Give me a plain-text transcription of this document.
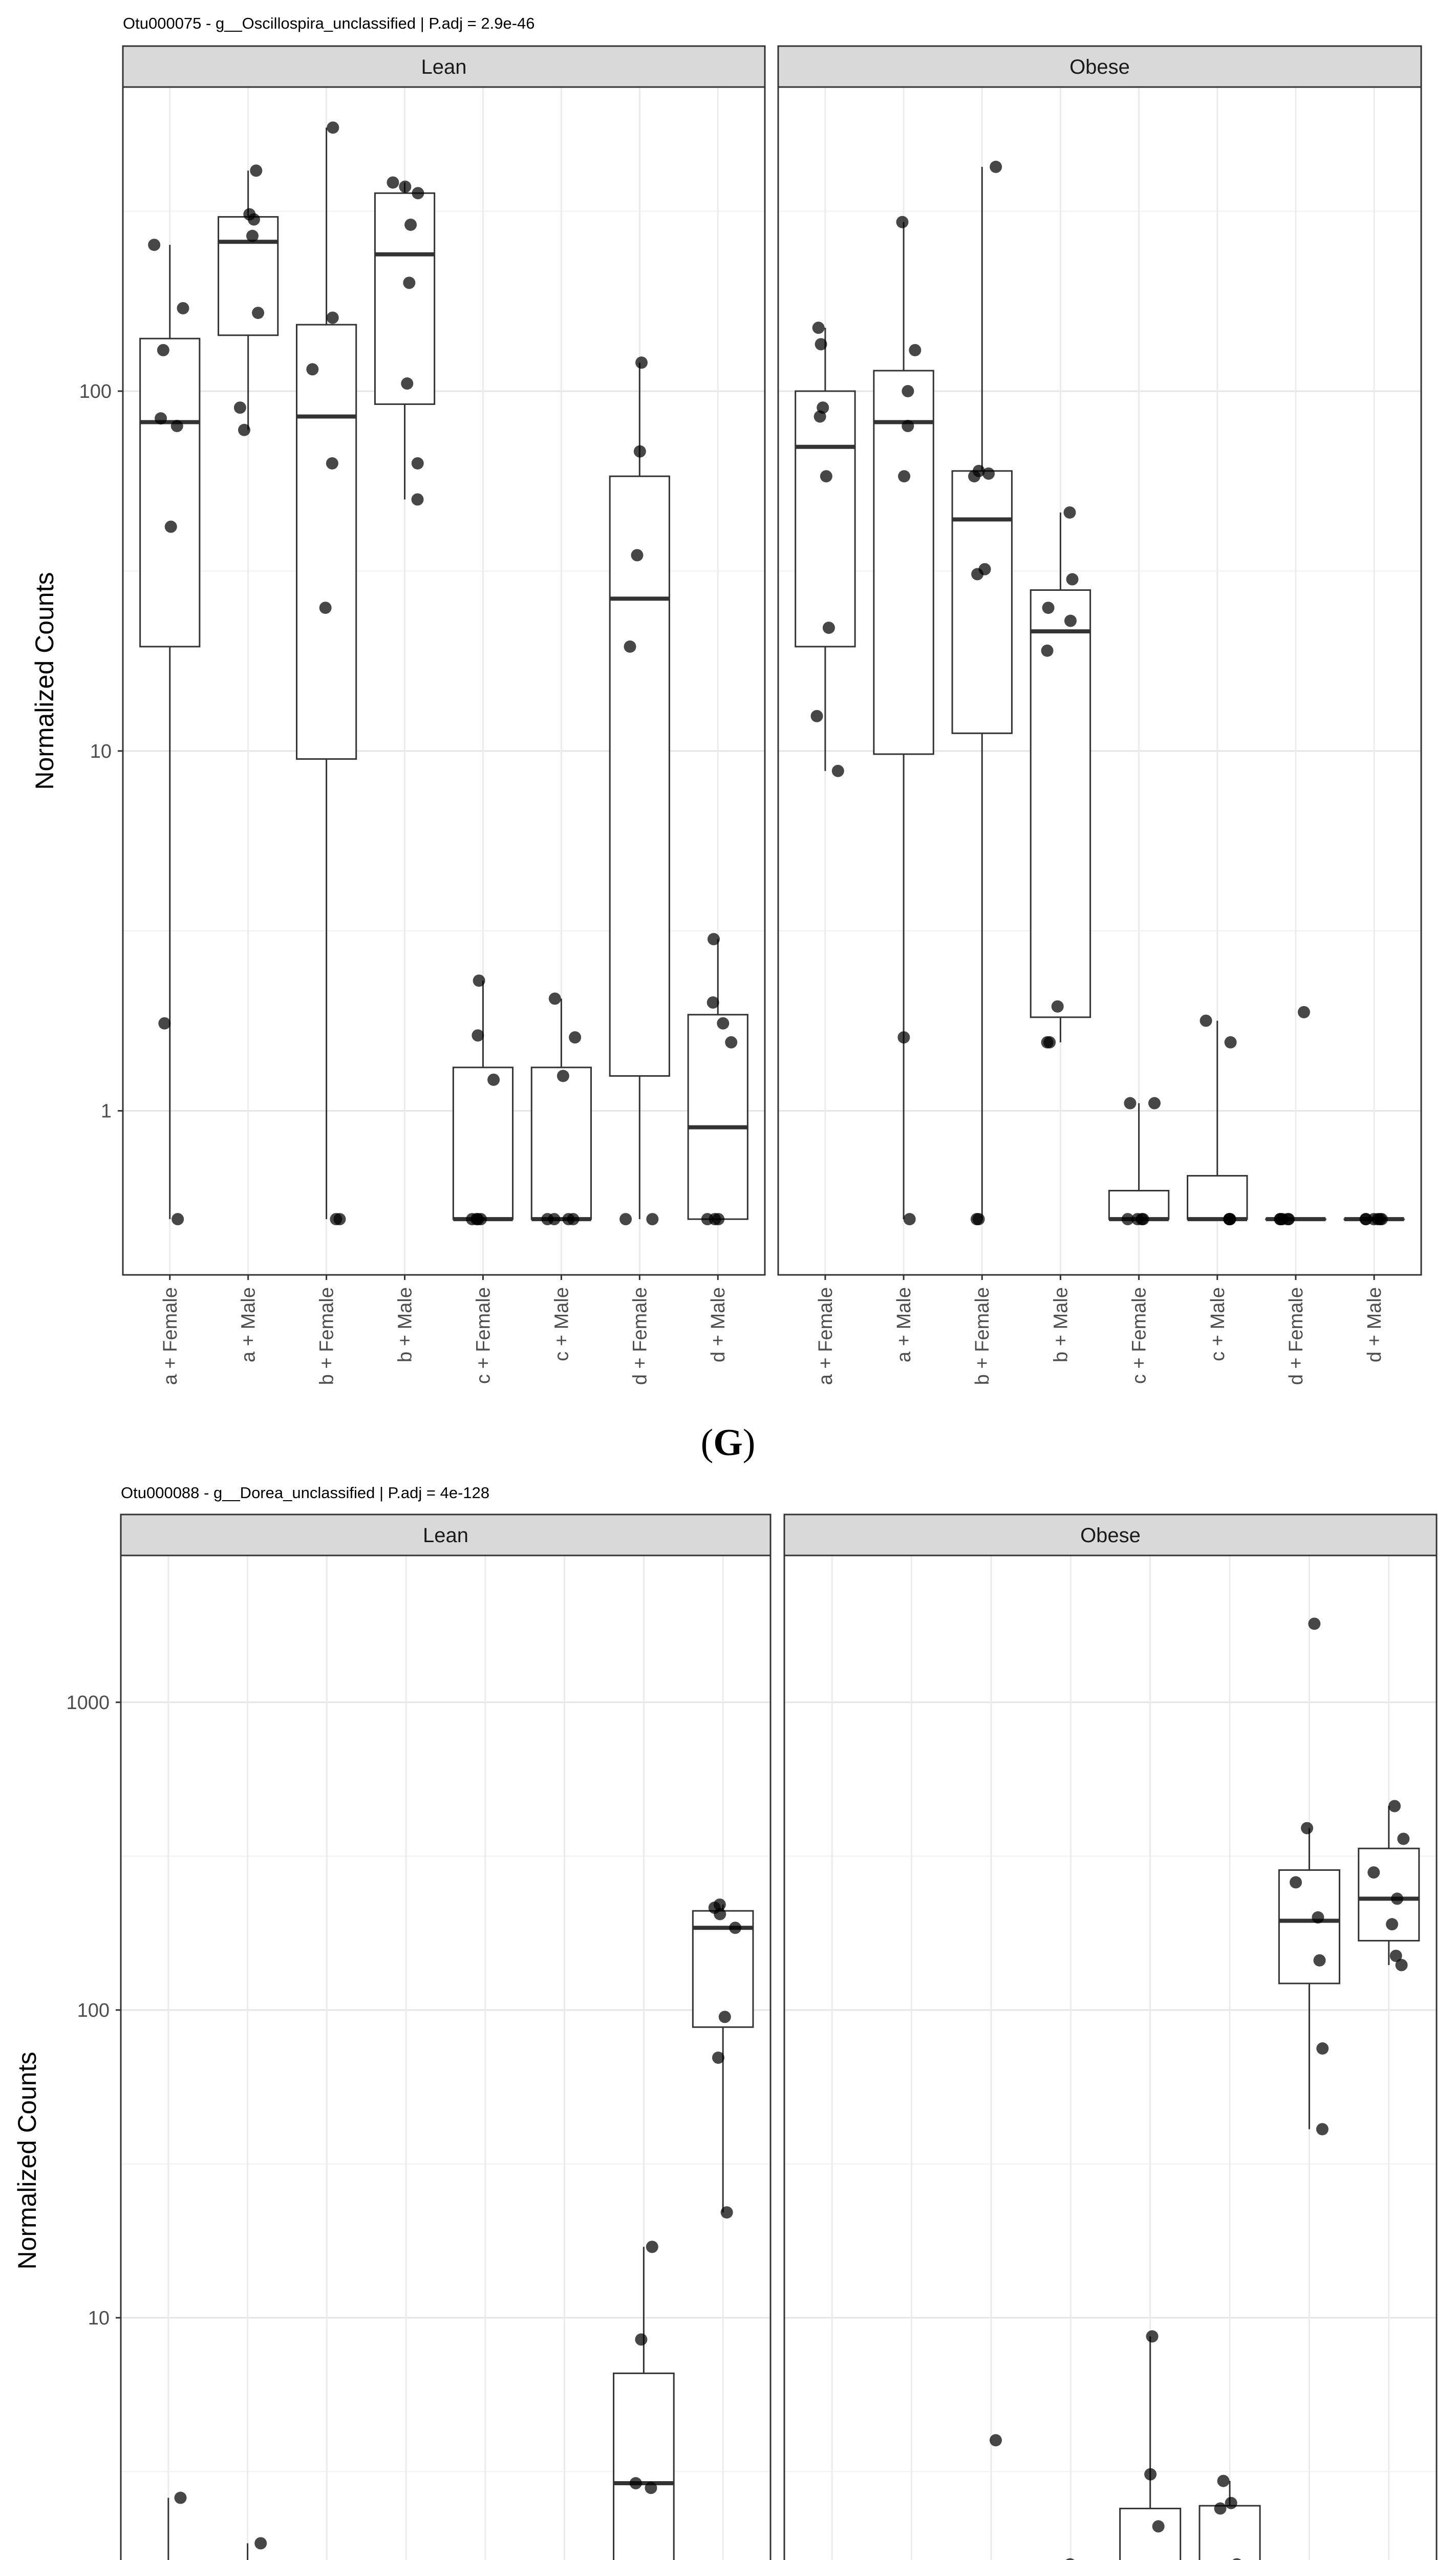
Otu000075 - g__Oscillospira_unclassified | P.adj = 2.9e-46
Normalized Counts
1
10
100
Lean
a + Female	a + Male	b + Female	b + Male	c + Female	c + Male	d + Female	d + Male
Obese
a + Female	a + Male	b + Female	b + Male	c + Female	c + Male	d + Female	d + Male
(G)
Otu000088 - g__Dorea_unclassified | P.adj = 4e-128
Normalized Counts
10
100
1000
Lean	Obese
